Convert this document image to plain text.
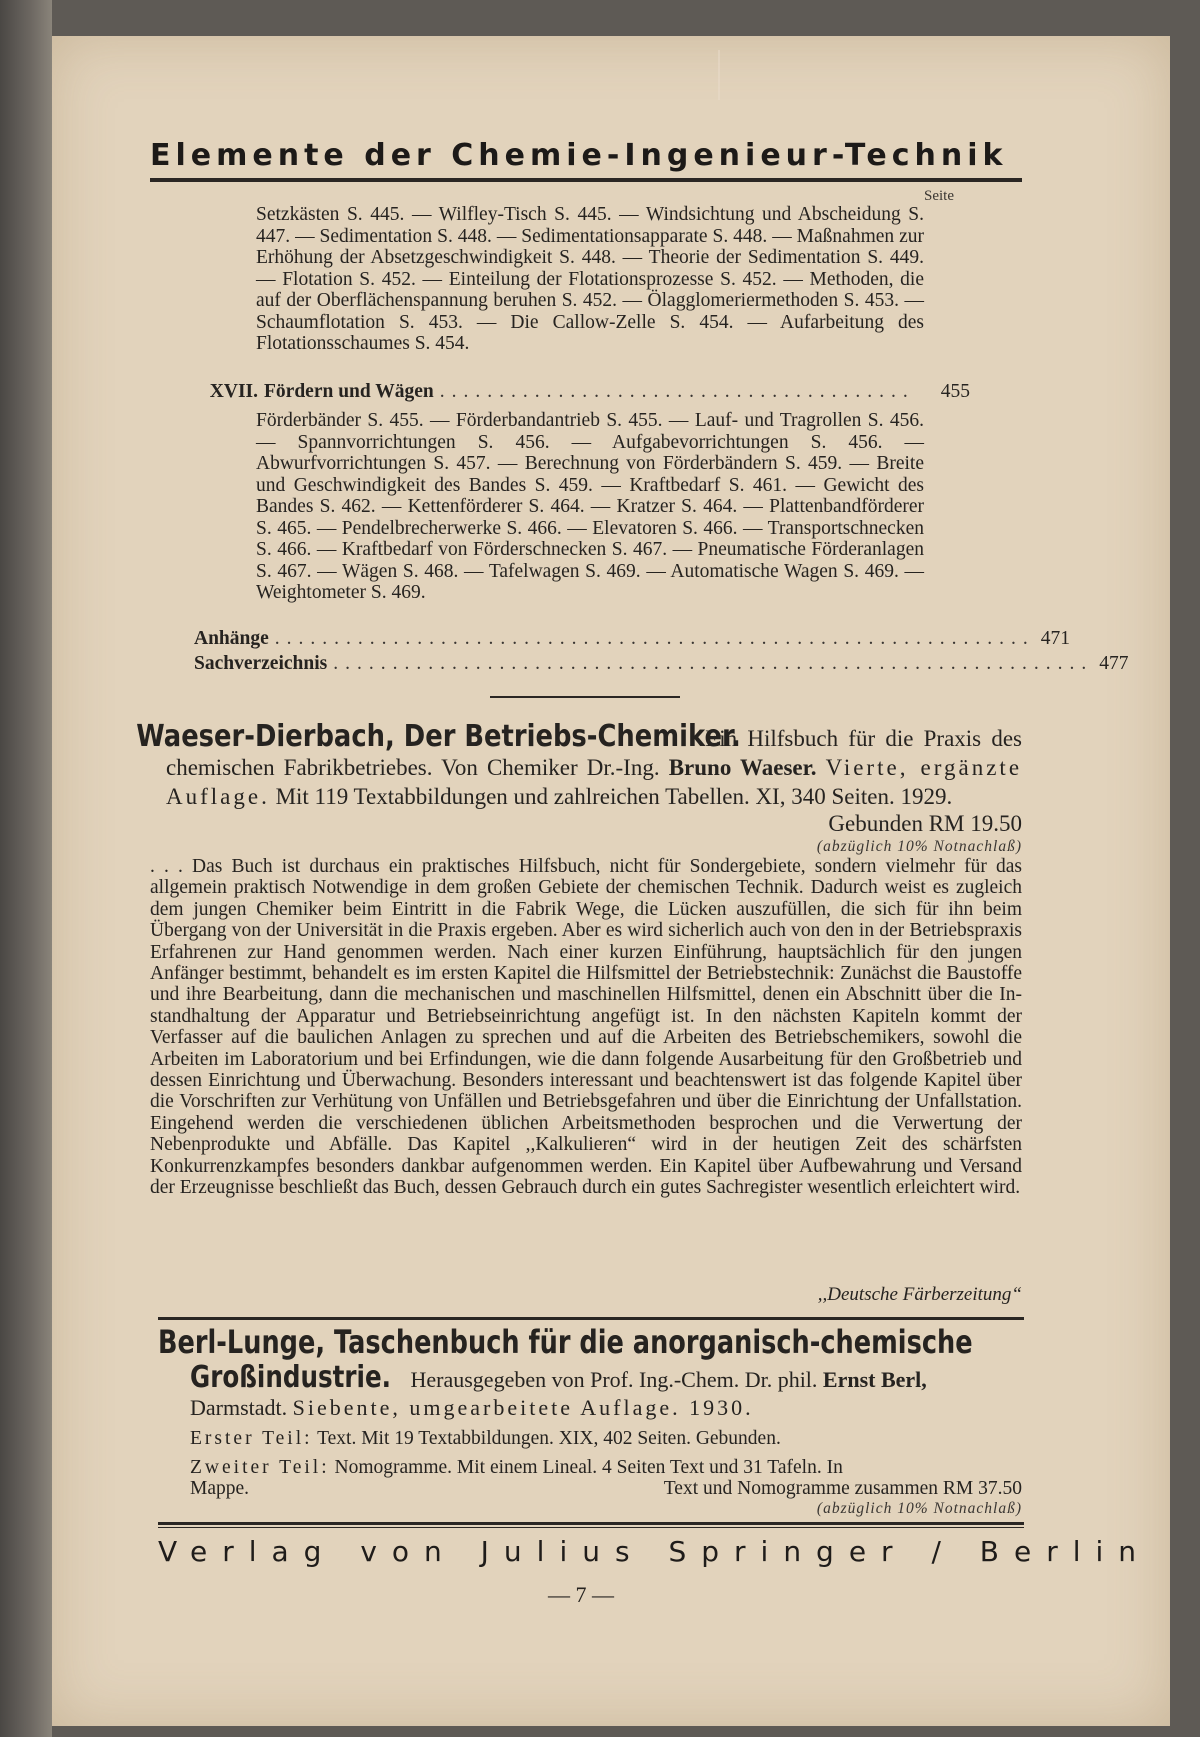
Elemente der Chemie-Ingenieur-Technik
Seite
Setzkästen S. 445. — Wilfley-Tisch S. 445. — Windsichtung und Abscheidung S. 447. — Sedimentation S. 448. — Sedimentationsapparate S. 448. — Maßnahmen zur Erhöhung der Absetzgeschwindigkeit S. 448. — Theorie der Sedimentation S. 449. — Flotation S. 452. — Einteilung der Flotationsprozesse S. 452. — Methoden, die auf der Oberflächenspannung beruhen S. 452. — Ölagglomeriermethoden S. 453. — Schaumflotation S. 453. — Die Callow-Zelle S. 454. — Aufarbeitung des Flotationsschaumes S. 454.
XVII. Fördern und Wägen ........................................	455
Förderbänder S. 455. — Förderbandantrieb S. 455. — Lauf- und Tragrollen S. 456. — Spannvorrichtungen S. 456. — Aufgabevorrichtungen S. 456. — Abwurfvorrichtungen S. 457. — Berechnung von Förderbändern S. 459. — Breite und Geschwindigkeit des Bandes S. 459. — Kraftbedarf S. 461. — Gewicht des Bandes S. 462. — Kettenförderer S. 464. — Kratzer S. 464. — Plattenbandförderer S. 465. — Pendelbrecherwerke S. 466. — Elevatoren S. 466. — Transportschnecken S. 466. — Kraftbedarf von Förderschnecken S. 467. — Pneumatische Förderanlagen S. 467. — Wägen S. 468. — Tafelwagen S. 469. — Automatische Wagen S. 469. — Weightometer S. 469.
Anhänge ................................................................ 471
Sachverzeichnis ................................................................ 477
Waeser-Dierbach, Der Betriebs-Chemiker. Ein Hilfsbuch für die Praxis des chemischen Fabrikbetriebes. Von Chemiker Dr.-Ing. Bruno Waeser. Vierte, ergänzte Auflage. Mit 119 Textabbildungen und zahlreichen Tabellen. XI, 340 Seiten. 1929.
Gebunden RM 19.50
(abzüglich 10% Notnachlaß)
. . . Das Buch ist durchaus ein praktisches Hilfsbuch, nicht für Sondergebiete, sondern vielmehr für das allgemein praktisch Notwendige in dem großen Gebiete der chemischen Technik. Dadurch weist es zugleich dem jungen Chemiker beim Eintritt in die Fabrik Wege, die Lücken auszufüllen, die sich für ihn beim Übergang von der Universität in die Praxis ergeben. Aber es wird sicherlich auch von den in der Betriebspraxis Erfahrenen zur Hand genommen werden. Nach einer kurzen Einführung, hauptsächlich für den jungen Anfänger bestimmt, behandelt es im ersten Kapitel die Hilfsmittel der Betriebstechnik: Zunächst die Baustoffe und ihre Bearbeitung, dann die mechanischen und maschinellen Hilfsmittel, denen ein Abschnitt über die Instandhaltung der Apparatur und Betriebseinrichtung angefügt ist. In den nächsten Kapiteln kommt der Verfasser auf die baulichen Anlagen zu sprechen und auf die Arbeiten des Betriebschemikers, sowohl die Arbeiten im Laboratorium und bei Erfindungen, wie die dann folgende Ausarbeitung für den Großbetrieb und dessen Einrichtung und Überwachung. Besonders interessant und beachtenswert ist das folgende Kapitel über die Vorschriften zur Verhütung von Unfällen und Betriebsgefahren und über die Einrichtung der Unfallstation. Eingehend werden die verschiedenen üblichen Arbeitsmethoden besprochen und die Verwertung der Nebenprodukte und Abfälle. Das Kapitel ,,Kalkulieren“ wird in der heutigen Zeit des schärfsten Konkurrenzkampfes besonders dankbar aufgenommen werden. Ein Kapitel über Aufbewahrung und Versand der Erzeugnisse beschließt das Buch, dessen Gebrauch durch ein gutes Sachregister wesentlich erleichtert wird.
,,Deutsche Färberzeitung“
Berl-Lunge, Taschenbuch für die anorganisch-chemische
Großindustrie. Herausgegeben von Prof. Ing.-Chem. Dr. phil. Ernst Berl,
Darmstadt. Siebente, umgearbeitete Auflage. 1930.
Erster Teil: Text. Mit 19 Textabbildungen. XIX, 402 Seiten. Gebunden.
Zweiter Teil: Nomogramme. Mit einem Lineal. 4 Seiten Text und 31 Tafeln. In
Mappe.	Text und Nomogramme zusammen RM 37.50
(abzüglich 10% Notnachlaß)
Verlag von Julius Springer / Berlin
— 7 —
